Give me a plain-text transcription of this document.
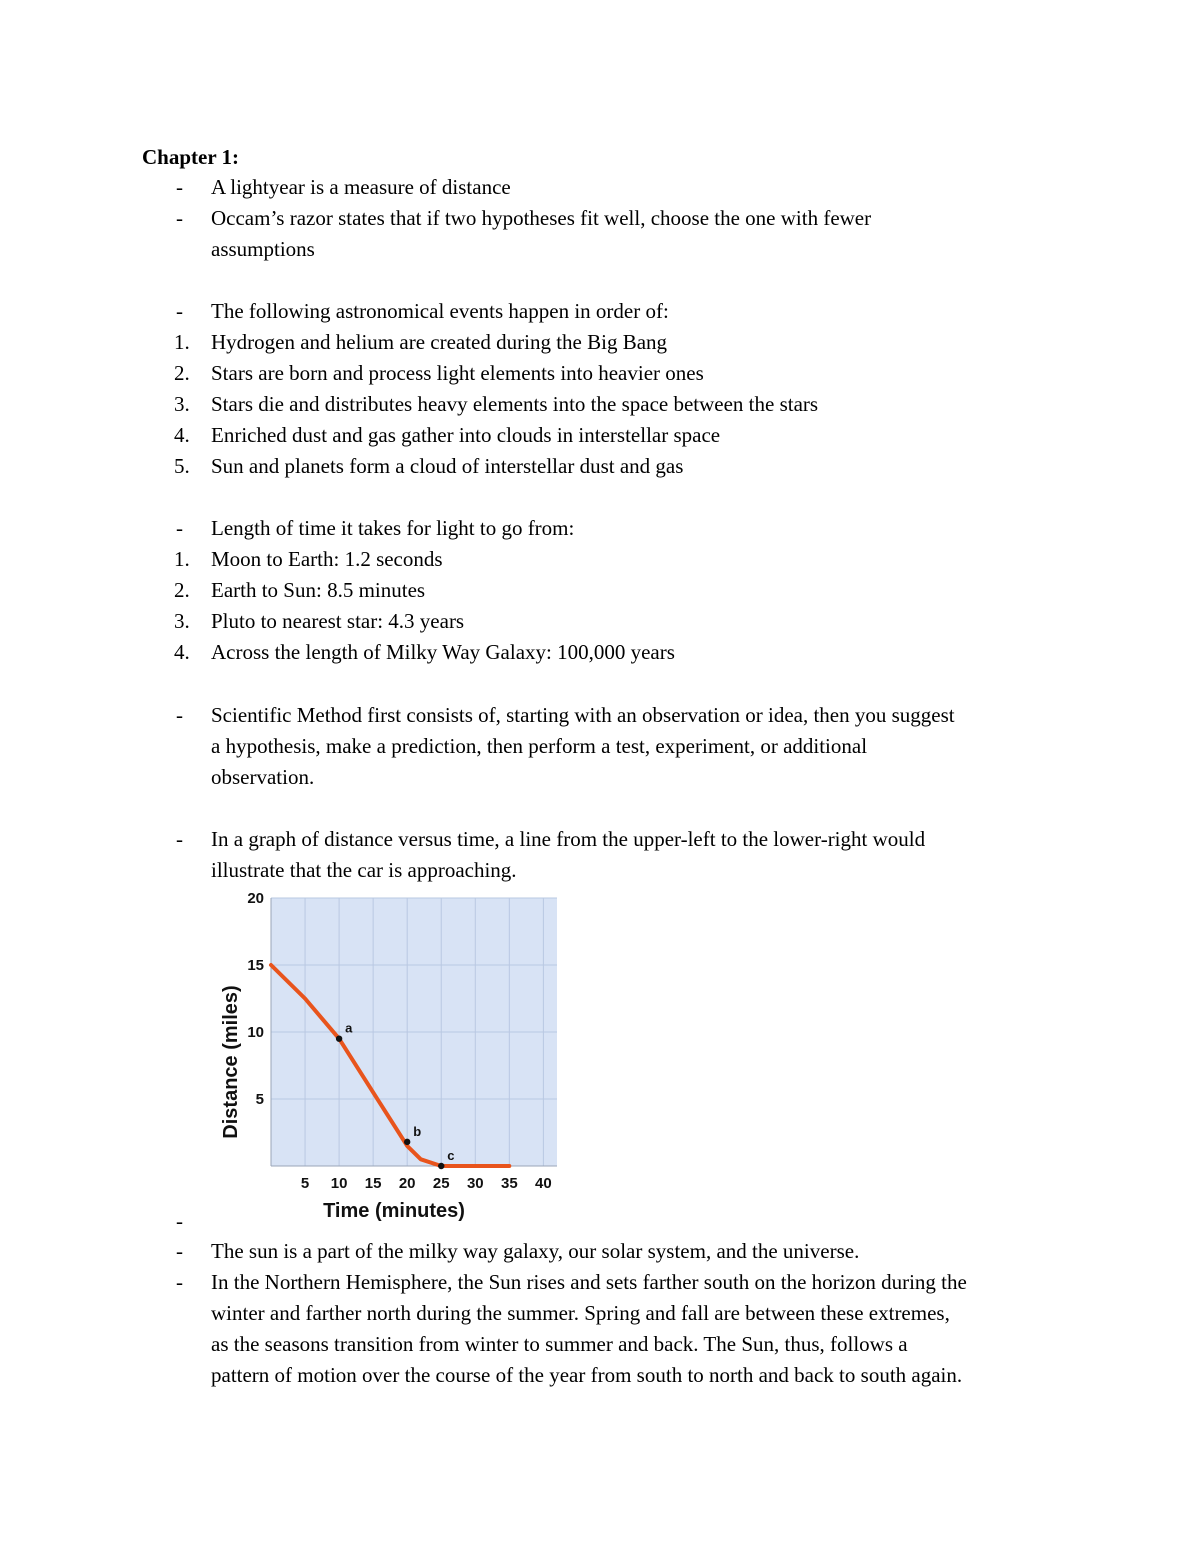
Chapter 1:
- A lightyear is a measure of distance
- Occam’s razor states that if two hypotheses fit well, choose the one with fewer
assumptions
- The following astronomical events happen in order of:
1. Hydrogen and helium are created during the Big Bang
2. Stars are born and process light elements into heavier ones
3. Stars die and distributes heavy elements into the space between the stars
4. Enriched dust and gas gather into clouds in interstellar space
5. Sun and planets form a cloud of interstellar dust and gas
- Length of time it takes for light to go from:
1. Moon to Earth: 1.2 seconds
2. Earth to Sun: 8.5 minutes
3. Pluto to nearest star: 4.3 years
4. Across the length of Milky Way Galaxy: 100,000 years
- Scientific Method first consists of, starting with an observation or idea, then you suggest
a hypothesis, make a prediction, then perform a test, experiment, or additional
observation.
- In a graph of distance versus time, a line from the upper-left to the lower-right would
illustrate that the car is approaching.
5 10 15 20 25 30 35 40
5
10
15
20
a
b
c
Time (minutes)
Distance (miles)
-
- The sun is a part of the milky way galaxy, our solar system, and the universe.
- In the Northern Hemisphere, the Sun rises and sets farther south on the horizon during the
winter and farther north during the summer. Spring and fall are between these extremes,
as the seasons transition from winter to summer and back. The Sun, thus, follows a
pattern of motion over the course of the year from south to north and back to south again.
